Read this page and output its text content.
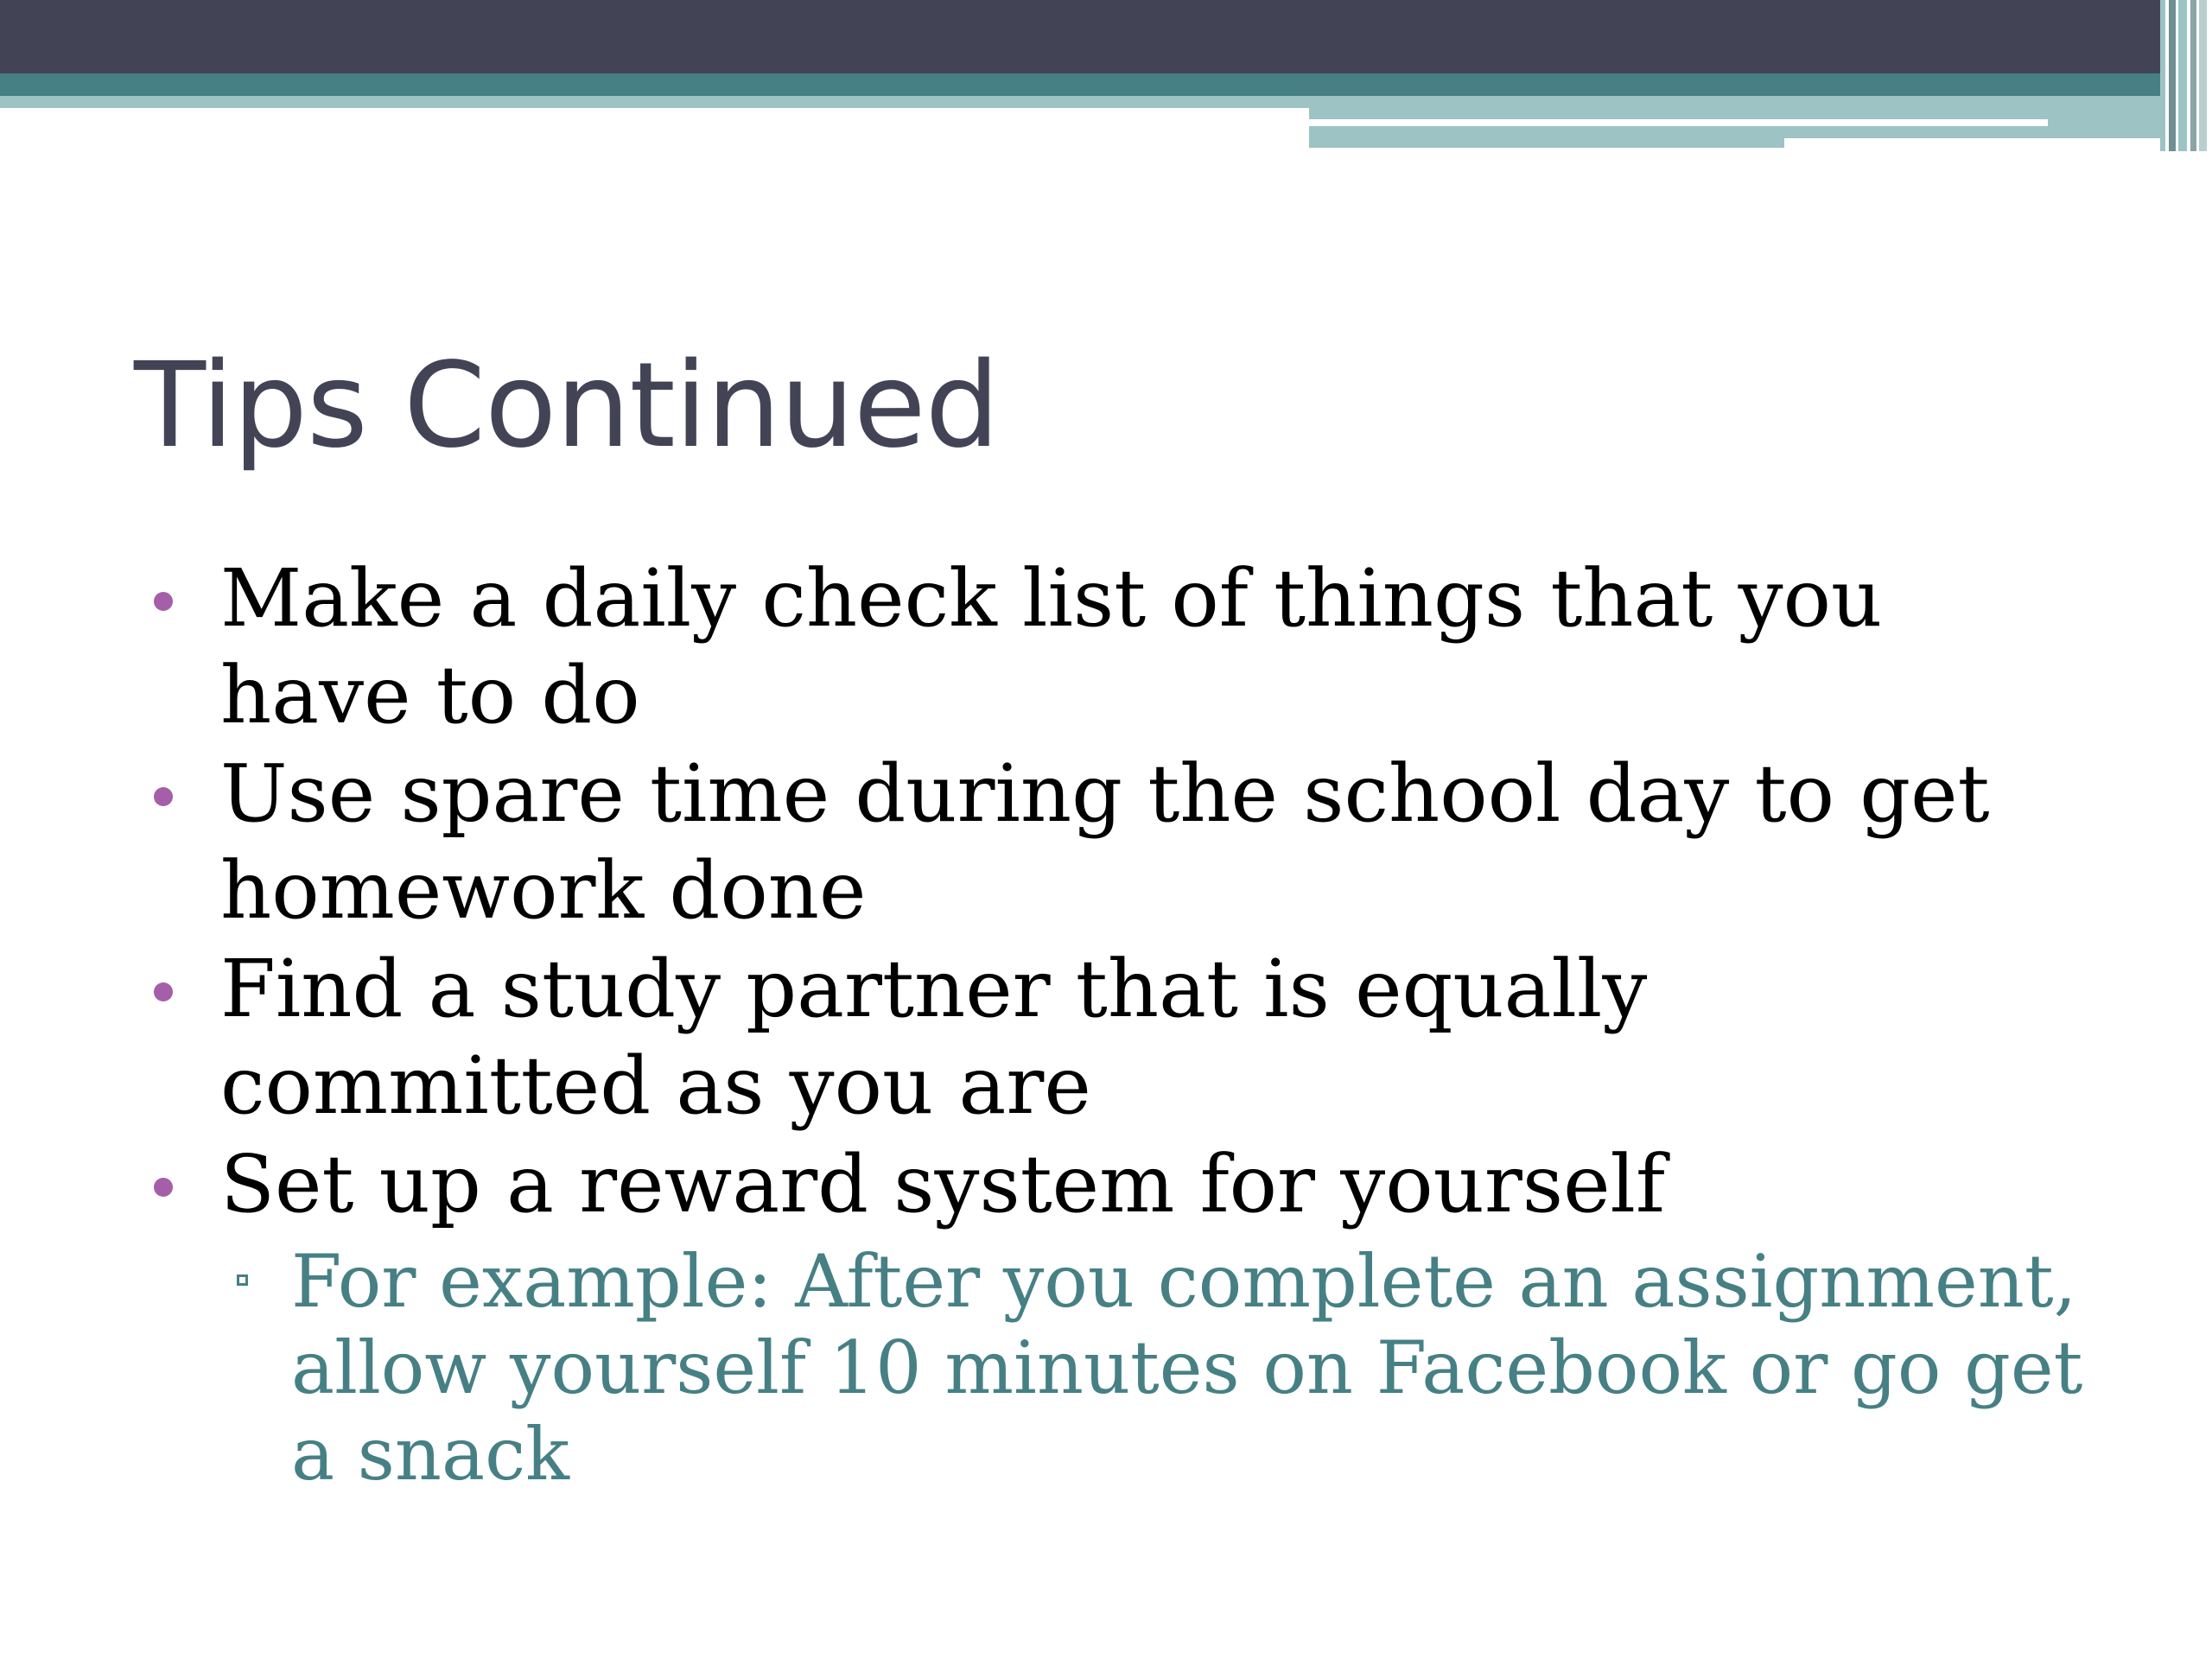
Tips Continued
Make a daily check list of things that you have to do
Use spare time during the school day to get homework done
Find a study partner that is equally committed as you are
Set up a reward system for yourself
For example: After you complete an assignment, allow yourself 10 minutes on Facebook or go get a snack
